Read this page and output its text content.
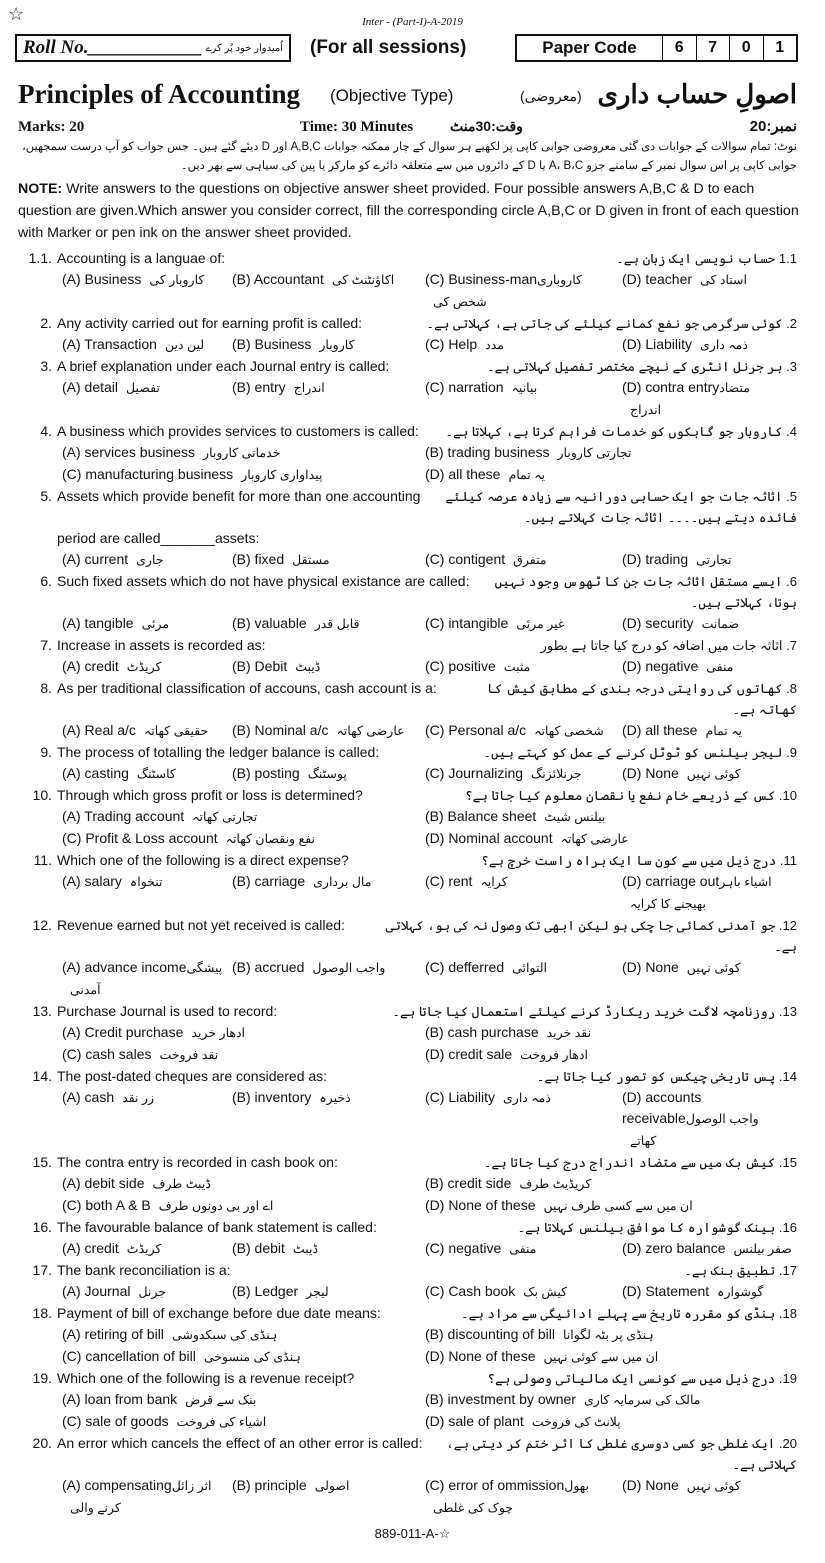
☆	Inter - (Part-I)-A-2019
Roll No.____________ اُمیدوار خود پُر کرے (For all sessions)	Paper Code	6	7	0	1
Principles of Accounting (Objective Type)	(معروضی) اصولِ حساب داری
Marks: 20	Time: 30 Minutes	وقت:30منٹ	نمبر:20
نوٹ: تمام سوالات کے جوابات دی گئی معروضی جوابی کاپی پر لکھیے ہر سوال کے چار ممکنہ جوابات A,B,C اور D دیئے گئے ہیں۔ جس جواب کو آپ درست سمجھیں، جوابی کاپی پر اس سوال نمبر کے سامنے جزو A، B،C یا D کے دائروں میں سے متعلقہ دائرے کو مارکر یا پین کی سیاہی سے بھر دیں۔
NOTE: Write answers to the questions on objective answer sheet provided. Four possible answers A,B,C & D to each question are given.Which answer you consider correct, fill the corresponding circle A,B,C or D given in front of each question with Marker or pen ink on the answer sheet provided.
1.1. Accounting is a languae of:	1.1 حساب نویسی ایک زبان ہے۔
(A) Business کاروبار کی	(B) Accountant اکاؤنٹنٹ کی	(C) Business-manکاروباری شخص کی
(D) teacher استاد کی
2. Any activity carried out for earning profit is called:	2. کوئی سرگرمی جو نفع کمانے کیلئے کی جاتی ہے، کہلاتی ہے۔
(A) Transaction لین دین	(B) Business کاروبار	(C) Help مدد	(D) Liability ذمہ داری
3. A brief explanation under each Journal entry is called:	3. ہر جرنل انٹری کے نیچے مختصر تفصیل کہلاتی ہے۔
(A) detail تفصیل	(B) entry اندراج	(C) narration بیانیہ	(D) contra entryمتضاد اندراج
4. A business which provides services to customers is called:	4. کاروبار جو گاہکوں کو خدمات فراہم کرتا ہے، کہلاتا ہے۔
(A) services business خدماتی کاروبار	(B) trading business تجارتی کاروبار
(C) manufacturing business پیداواری کاروبار	(D) all these یہ تمام
5. Assets which provide benefit for more than one accounting	5. اثاثہ جات جو ایک حسابی دورانیہ سے زیادہ عرصہ کیلئے فائدہ دیتے ہیں۔۔۔۔ اثاثہ جات کہلاتے ہیں۔
period are called_______assets:
(A) current جاری	(B) fixed مستقل	(C) contigent متفرق	(D) trading تجارتی
6. Such fixed assets which do not have physical existance are called:	6. ایسے مستقل اثاثہ جات جن کا ٹھوس وجود نہیں ہوتا، کہلاتے ہیں۔
(A) tangible مرئی	(B) valuable قابل قدر	(C) intangible غیر مرئی	(D) security ضمانت
7. Increase in assets is recorded as:	7. اثاثہ جات میں اضافہ کو درج کیا جاتا ہے بطور
(A) credit کریڈٹ	(B) Debit ڈیبٹ	(C) positive مثبت	(D) negative منفی
8. As per traditional classification of accouns, cash account is a:	8. کھاتوں کی روایتی درجہ بندی کے مطابق کیش کا کھاتہ ہے۔
(A) Real a/c حقیقی کھاتہ	(B) Nominal a/c عارضی کھاتہ	(C) Personal a/c شخصی کھاتہ	(D) all these یہ تمام
9. The process of totalling the ledger balance is called:	9. لیجر بیلنس کو ٹوٹل کرنے کے عمل کو کہتے ہیں۔
(A) casting کاسٹنگ	(B) posting پوسٹنگ	(C) Journalizing جرنلائزنگ	(D) None کوئی نہیں
10. Through which gross profit or loss is determined?	10. کس کے ذریعے خام نفع یا نقصان معلوم کیا جاتا ہے؟
(A) Trading account تجارتی کھاتہ	(B) Balance sheet بیلنس شیٹ
(C) Profit & Loss account نفع ونقصان کھاتہ	(D) Nominal account عارضی کھاتہ
11. Which one of the following is a direct expense?	11. درج ذیل میں سے کون سا ایک براہ راست خرچ ہے؟
(A) salary تنخواہ	(B) carriage مال برداری	(C) rent کرایہ	(D) carriage outاشیاء باہر بھیجنے کا کرایہ
12. Revenue earned but not yet received is called:	12. جو آمدنی کمائی جا چکی ہو لیکن ابھی تک وصول نہ کی ہو، کہلاتی ہے۔
(A) advance incomeپیشگی آمدنی
(B) accrued واجب الوصول	(C) defferred التوائی	(D) None کوئی نہیں
13. Purchase Journal is used to record:	13. روزنامچہ لاگت خرید ریکارڈ کرنے کیلئے استعمال کیا جاتا ہے۔
(A) Credit purchase ادھار خرید	(B) cash purchase نقد خرید
(C) cash sales نقد فروخت	(D) credit sale ادھار فروخت
14. The post-dated cheques are considered as:	14. پس تاریخی چیکس کو تصور کیا جاتا ہے۔
(A) cash زر نقد	(B) inventory ذخیرہ	(C) Liability ذمہ داری	(D) accounts receivableواجب الوصول کھاتے
15. The contra entry is recorded in cash book on:	15. کیش بک میں سے متضاد اندراج درج کیا جاتا ہے۔
(A) debit side ڈیبٹ طرف	(B) credit side کریڈیٹ طرف
(C) both A & B اے اور بی دونوں طرف	(D) None of these ان میں سے کسی طرف نہیں
16. The favourable balance of bank statement is called:	16. بینک گوشوارہ کا موافق بیلنس کہلاتا ہے۔
(A) credit کریڈٹ	(B) debit ڈیبٹ	(C) negative منفی	(D) zero balance صفر بیلنس
17. The bank reconciliation is a:	17. تطبیق بنک ہے۔
(A) Journal جرنل	(B) Ledger لیجر	(C) Cash book کیش بک	(D) Statement گوشوارہ
18. Payment of bill of exchange before due date means:	18. ہنڈی کو مقررہ تاریخ سے پہلے ادائیگی سے مراد ہے۔
(A) retiring of bill ہنڈی کی سبکدوشی	(B) discounting of bill ہنڈی پر بٹہ لگوانا
(C) cancellation of bill ہنڈی کی منسوخی	(D) None of these ان میں سے کوئی نہیں
19. Which one of the following is a revenue receipt?	19. درج ذیل میں سے کونسی ایک مالیاتی وصولی ہے؟
(A) loan from bank بنک سے قرض	(B) investment by owner مالک کی سرمایہ کاری
(C) sale of goods اشیاء کی فروخت	(D) sale of plant پلانٹ کی فروخت
20. An error which cancels the effect of an other error is called:	20. ایک غلطی جو کسی دوسری غلطی کا اثر ختم کر دیتی ہے، کہلاتی ہے۔
(A) compensatingاثر زائل کرنے والی
(B) principle اصولی	(C) error of ommissionبھول چوک کی غلطی
(D) None کوئی نہیں
889-011-A-☆
